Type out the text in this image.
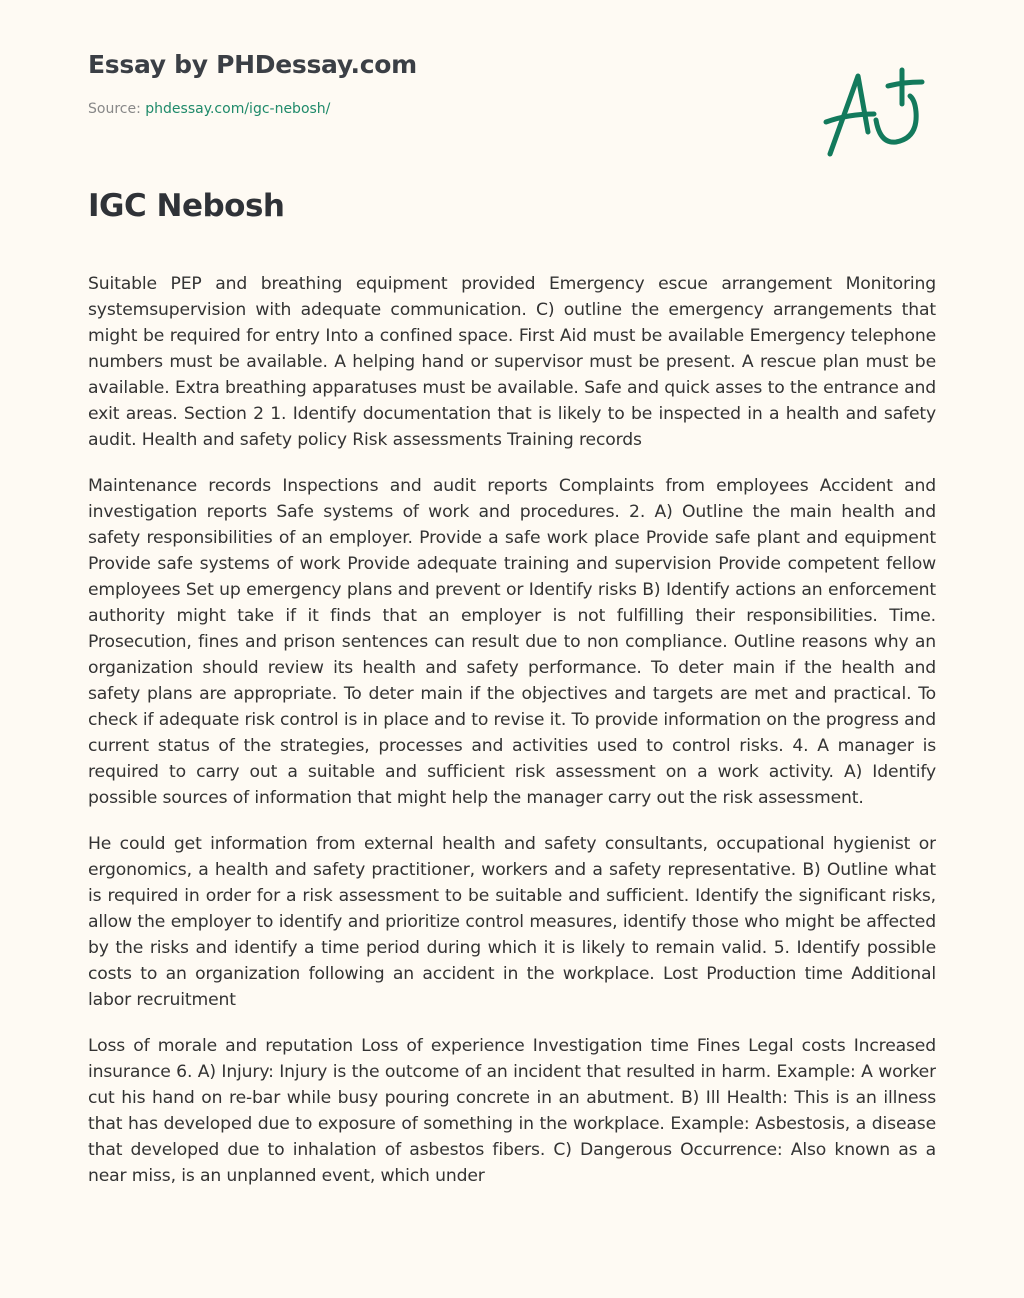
Essay by PHDessay.com
Source: phdessay.com/igc-nebosh/
IGC Nebosh

Suitable PEP and breathing equipment provided Emergency escue arrangement Monitoring systemsupervision with adequate communication. C) outline the emergency arrangements that might be required for entry Into a confined space. First Aid must be available Emergency telephone numbers must be available. A helping hand or supervisor must be present. A rescue plan must be available. Extra breathing apparatuses must be available. Safe and quick asses to the entrance and exit areas. Section 2 1. Identify documentation that is likely to be inspected in a health and safety audit. Health and safety policy Risk assessments Training records

Maintenance records Inspections and audit reports Complaints from employees Accident and investigation reports Safe systems of work and procedures. 2. A) Outline the main health and safety responsibilities of an employer. Provide a safe work place Provide safe plant and equipment Provide safe systems of work Provide adequate training and supervision Provide competent fellow employees Set up emergency plans and prevent or Identify risks B) Identify actions an enforcement authority might take if it finds that an employer is not fulfilling their responsibilities. Time. Prosecution, fines and prison sentences can result due to non compliance. Outline reasons why an organization should review its health and safety performance. To deter main if the health and safety plans are appropriate. To deter main if the objectives and targets are met and practical. To check if adequate risk control is in place and to revise it. To provide information on the progress and current status of the strategies, processes and activities used to control risks. 4. A manager is required to carry out a suitable and sufficient risk assessment on a work activity. A) Identify possible sources of information that might help the manager carry out the risk assessment.

He could get information from external health and safety consultants, occupational hygienist or ergonomics, a health and safety practitioner, workers and a safety representative. B) Outline what is required in order for a risk assessment to be suitable and sufficient. Identify the significant risks, allow the employer to identify and prioritize control measures, identify those who might be affected by the risks and identify a time period during which it is likely to remain valid. 5. Identify possible costs to an organization following an accident in the workplace. Lost Production time Additional labor recruitment

Loss of morale and reputation Loss of experience Investigation time Fines Legal costs Increased insurance 6. A) Injury: Injury is the outcome of an incident that resulted in harm. Example: A worker cut his hand on re-bar while busy pouring concrete in an abutment. B) Ill Health: This is an illness that has developed due to exposure of something in the workplace. Example: Asbestosis, a disease that developed due to inhalation of asbestos fibers. C) Dangerous Occurrence: Also known as a near miss, is an unplanned event, which under
